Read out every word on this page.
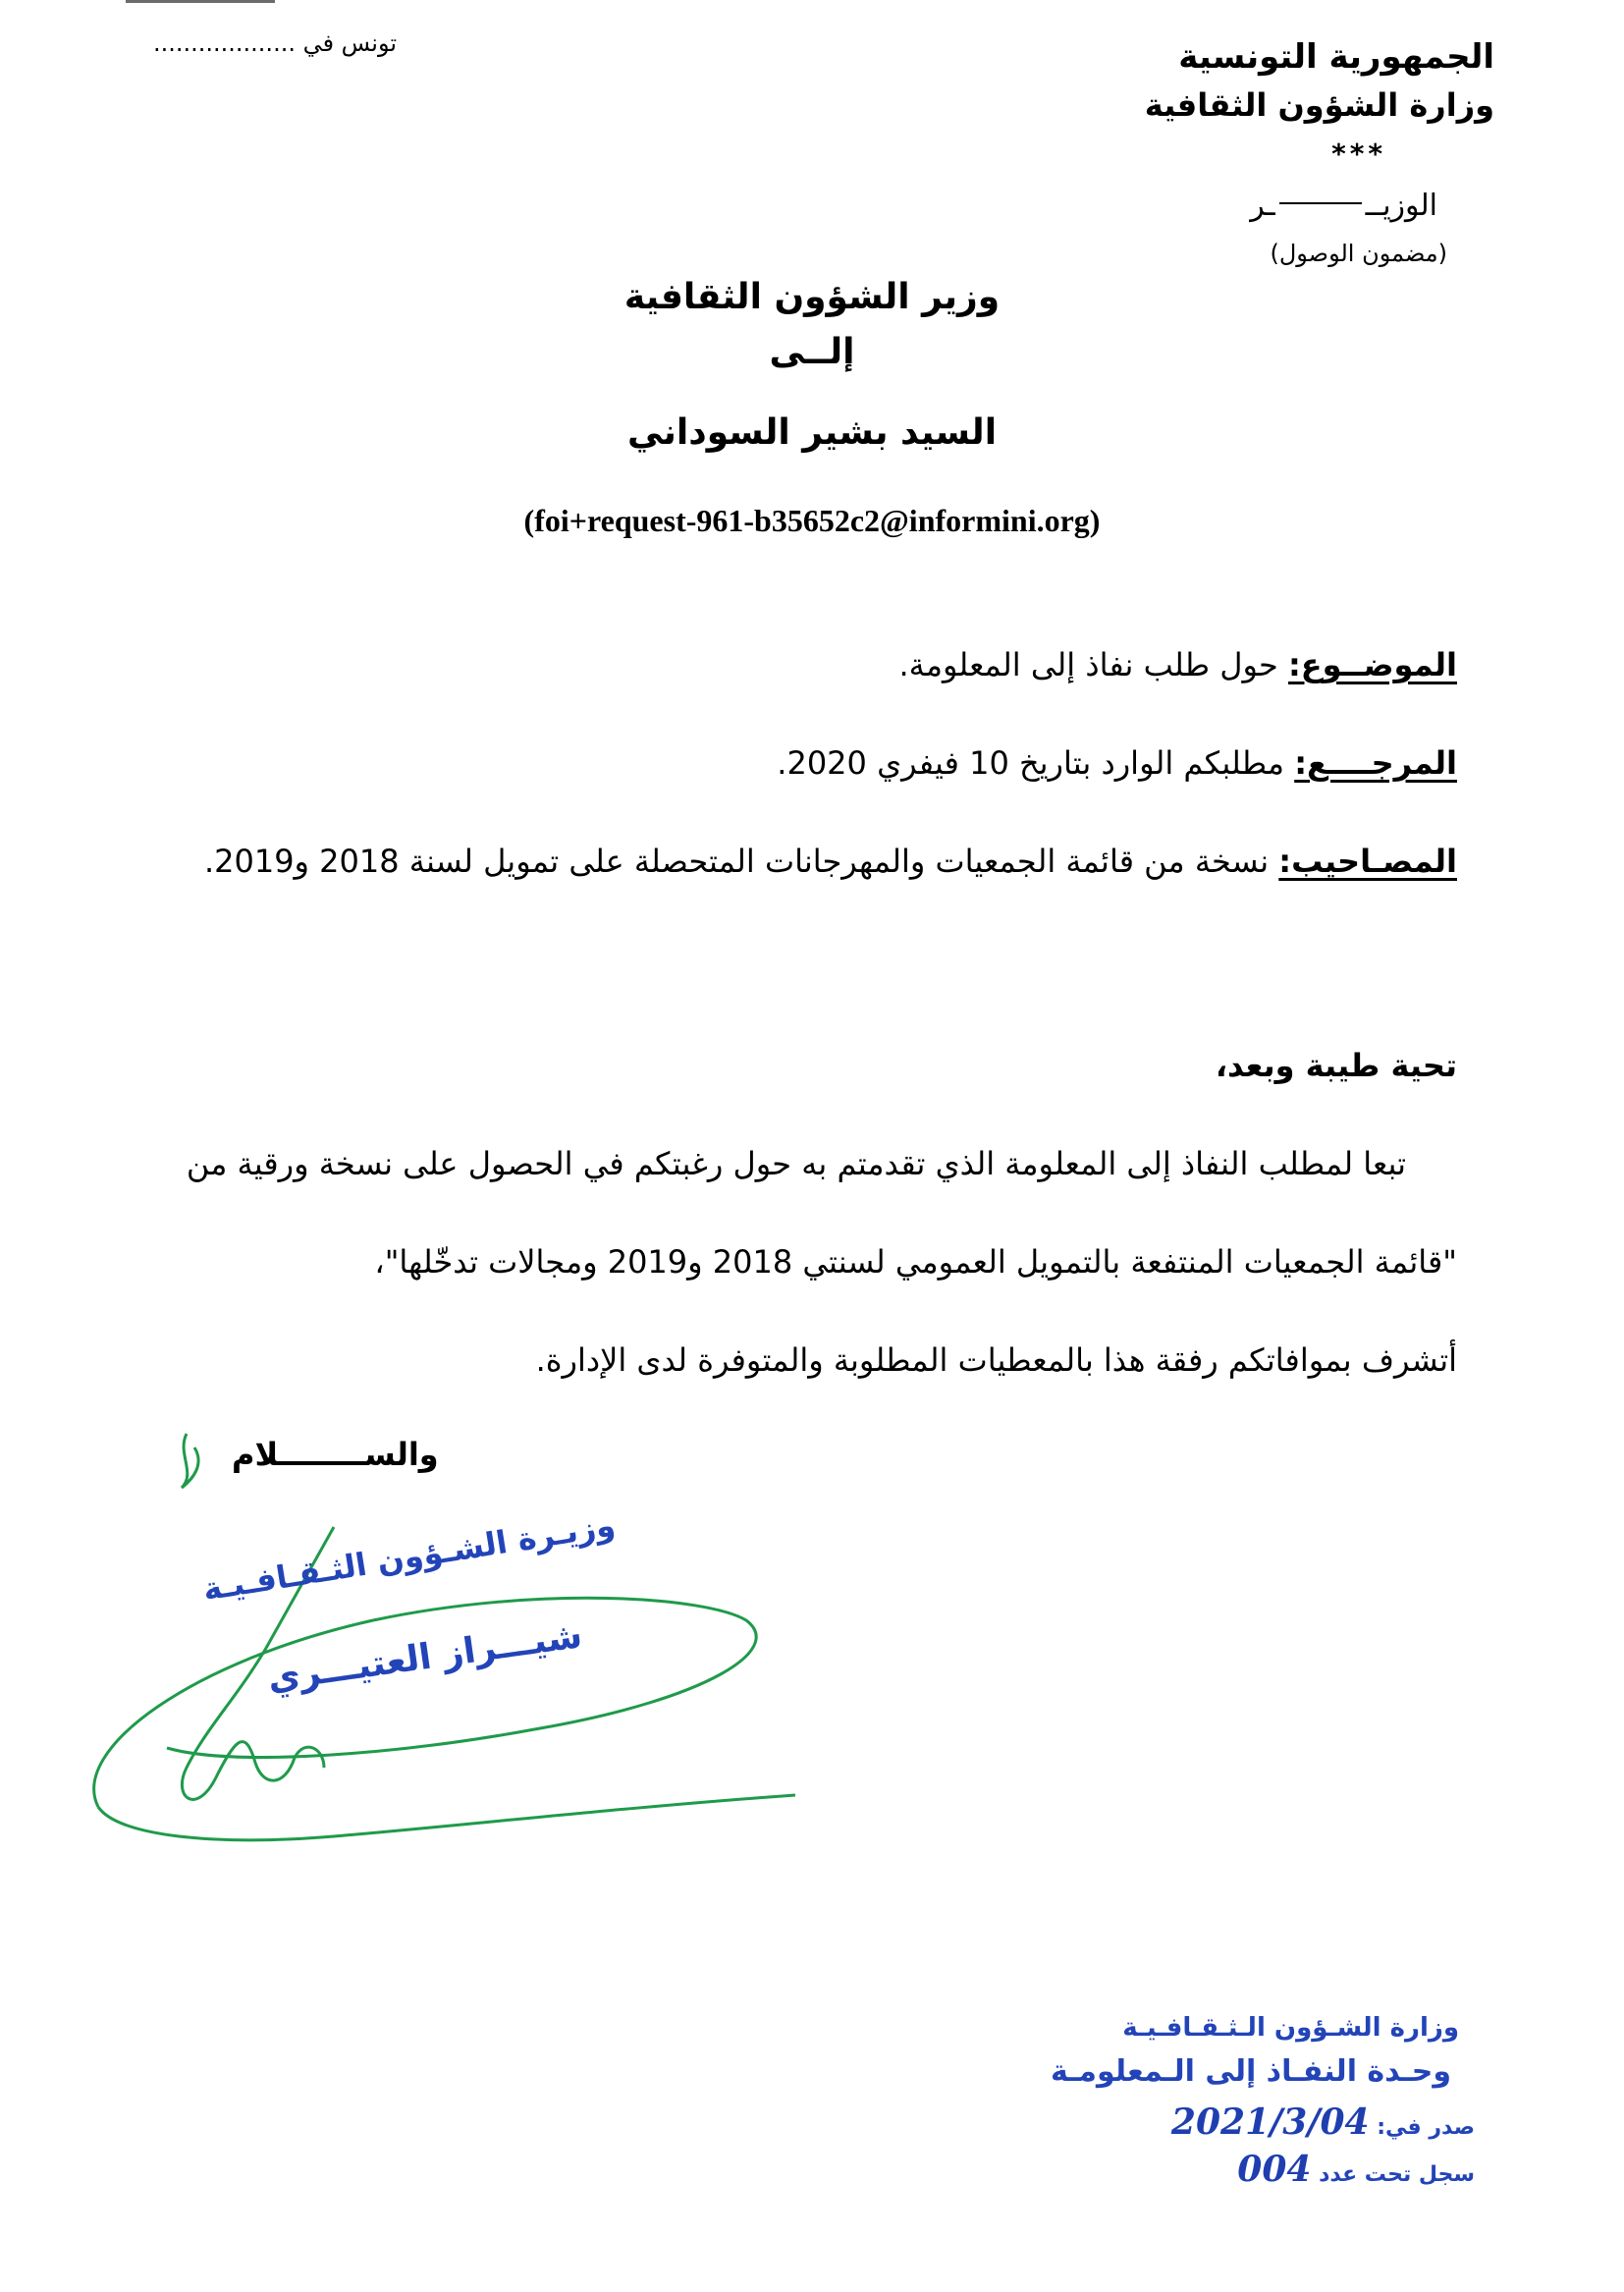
الجمهورية التونسية
وزارة الشؤون الثقافية
***
الوزيـــر
(مضمون الوصول)
تونس في ...................
وزير الشؤون الثقافية
إلــى
السيد بشير السوداني
(foi+request-961-b35652c2@informini.org)
الموضــوع: حول طلب نفاذ إلى المعلومة.
المرجــــع: مطلبكم الوارد بتاريخ 10 فيفري 2020.
المصـاحيب: نسخة من قائمة الجمعيات والمهرجانات المتحصلة على تمويل لسنة 2018 و2019.
تحية طيبة وبعد،
تبعا لمطلب النفاذ إلى المعلومة الذي تقدمتم به حول رغبتكم في الحصول على نسخة ورقية من
"قائمة الجمعيات المنتفعة بالتمويل العمومي لسنتي 2018 و2019 ومجالات تدخّلها"،
أتشرف بموافاتكم رفقة هذا بالمعطيات المطلوبة والمتوفرة لدى الإدارة.
والســــــــلام
وزيـرة الشـؤون الثـقـافـيـة
شيـــراز العتيـــري
وزارة الشـؤون الـثـقـافـيـة
وحـدة النفـاذ إلى الـمعلومـة
صدر في: 2021/3/04
سجل تحت عدد 004
